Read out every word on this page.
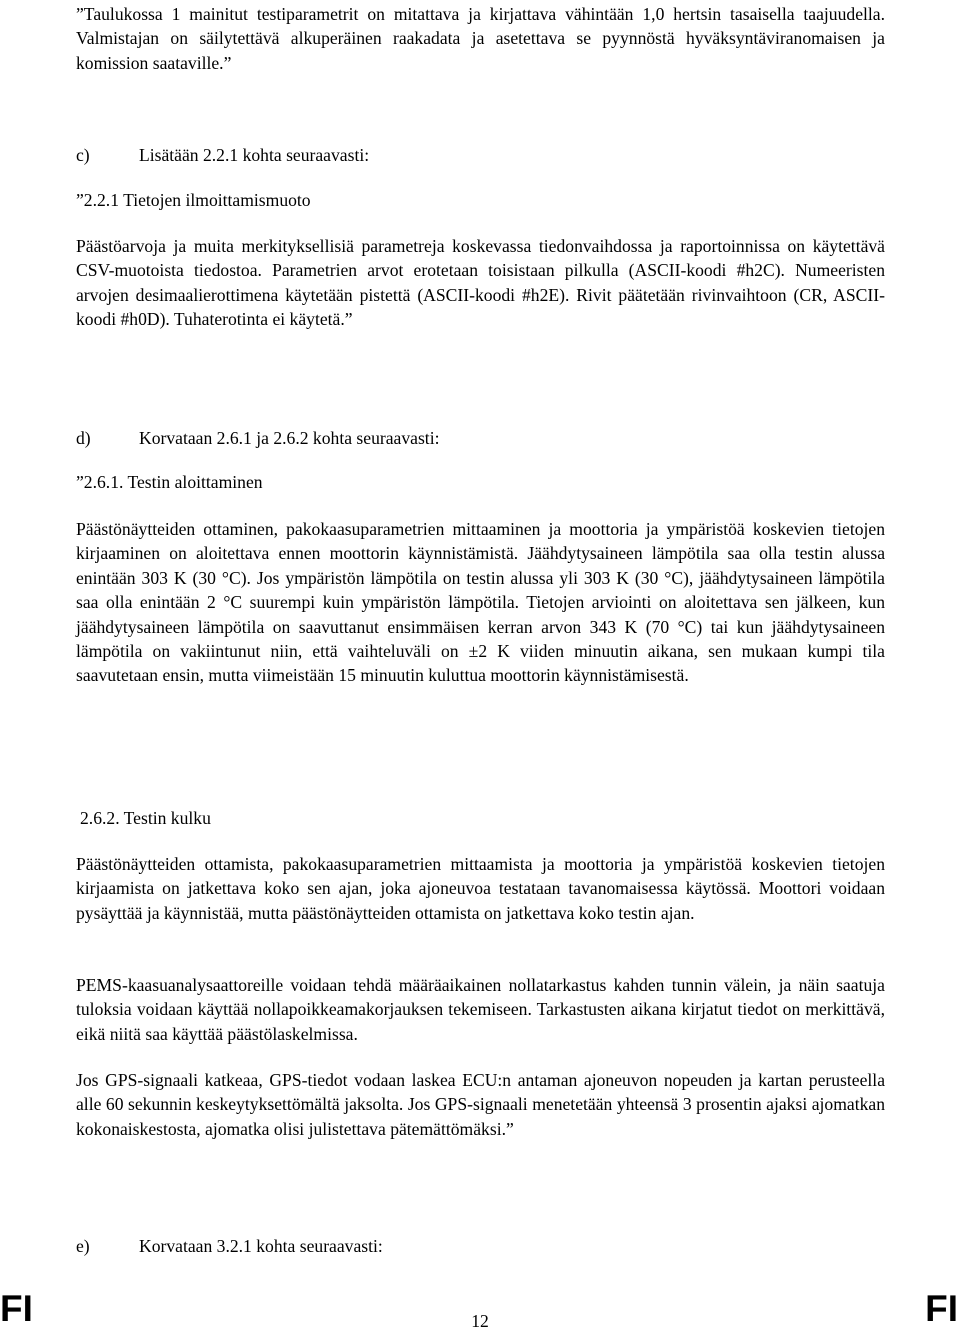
”Taulukossa 1 mainitut testiparametrit on mitattava ja kirjattava vähintään 1,0 hertsin tasaisella taajuudella. Valmistajan on säilytettävä alkuperäinen raakadata ja asetettava se pyynnöstä hyväksyntäviranomaisen ja komission saataville.”
c)	Lisätään 2.2.1 kohta seuraavasti:
”2.2.1 Tietojen ilmoittamismuoto
Päästöarvoja ja muita merkityksellisiä parametreja koskevassa tiedonvaihdossa ja raportoinnissa on käytettävä CSV-muotoista tiedostoa. Parametrien arvot erotetaan toisistaan pilkulla (ASCII-koodi #h2C). Numeeristen arvojen desimaalierottimena käytetään pistettä (ASCII-koodi #h2E). Rivit päätetään rivinvaihtoon (CR, ASCII-koodi #h0D). Tuhaterotinta ei käytetä.”
d)	Korvataan 2.6.1 ja 2.6.2 kohta seuraavasti:
”2.6.1. Testin aloittaminen
Päästönäytteiden ottaminen, pakokaasuparametrien mittaaminen ja moottoria ja ympäristöä koskevien tietojen kirjaaminen on aloitettava ennen moottorin käynnistämistä. Jäähdytysaineen lämpötila saa olla testin alussa enintään 303 K (30 °C). Jos ympäristön lämpötila on testin alussa yli 303 K (30 °C), jäähdytysaineen lämpötila saa olla enintään 2 °C suurempi kuin ympäristön lämpötila. Tietojen arviointi on aloitettava sen jälkeen, kun jäähdytysaineen lämpötila on saavuttanut ensimmäisen kerran arvon 343 K (70 °C) tai kun jäähdytysaineen lämpötila on vakiintunut niin, että vaihteluväli on ±2 K viiden minuutin aikana, sen mukaan kumpi tila saavutetaan ensin, mutta viimeistään 15 minuutin kuluttua moottorin käynnistämisestä.
2.6.2. Testin kulku
Päästönäytteiden ottamista, pakokaasuparametrien mittaamista ja moottoria ja ympäristöä koskevien tietojen kirjaamista on jatkettava koko sen ajan, joka ajoneuvoa testataan tavanomaisessa käytössä. Moottori voidaan pysäyttää ja käynnistää, mutta päästönäytteiden ottamista on jatkettava koko testin ajan.
PEMS-kaasuanalysaattoreille voidaan tehdä määräaikainen nollatarkastus kahden tunnin välein, ja näin saatuja tuloksia voidaan käyttää nollapoikkeamakorjauksen tekemiseen. Tarkastusten aikana kirjatut tiedot on merkittävä, eikä niitä saa käyttää päästölaskelmissa.
Jos GPS-signaali katkeaa, GPS-tiedot vodaan laskea ECU:n antaman ajoneuvon nopeuden ja kartan perusteella alle 60 sekunnin keskeytyksettömältä jaksolta. Jos GPS-signaali menetetään yhteensä 3 prosentin ajaksi ajomatkan kokonaiskestosta, ajomatka olisi julistettava pätemättömäksi.”
e)	Korvataan 3.2.1 kohta seuraavasti:
FI	12	FI
